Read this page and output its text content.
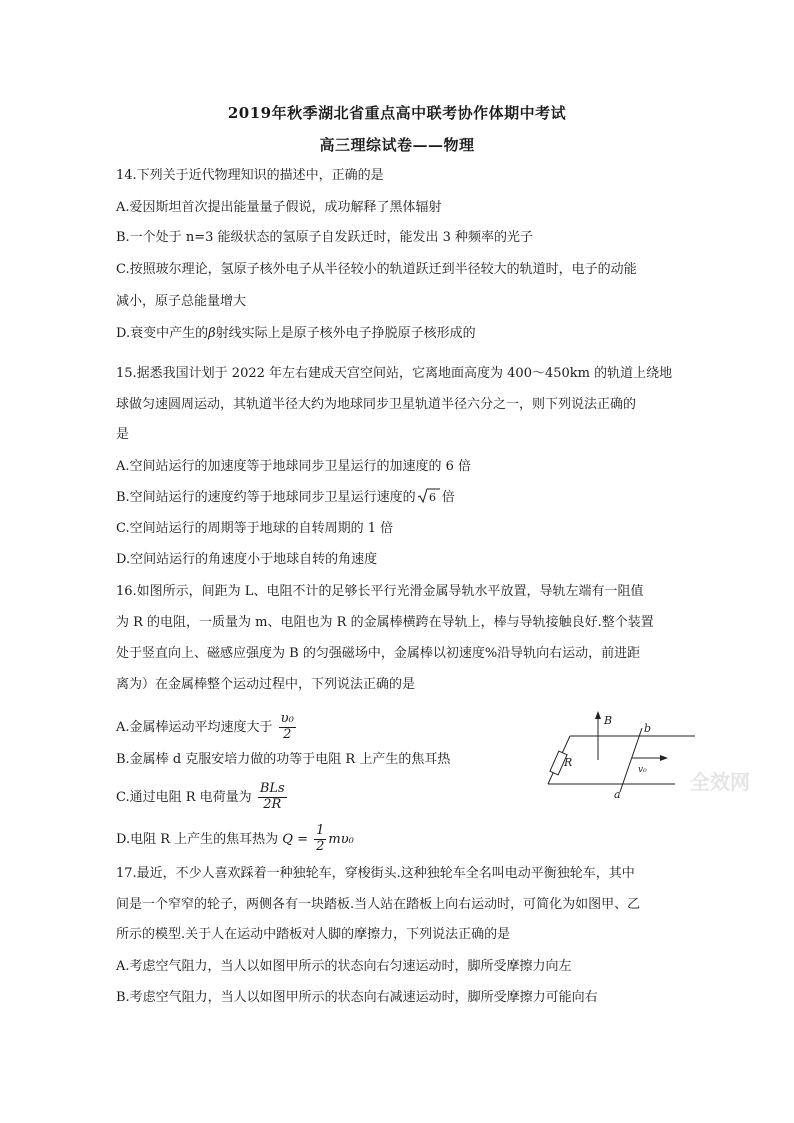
2019年秋季湖北省重点高中联考协作体期中考试
高三理综试卷——物理
14.下列关于近代物理知识的描述中，正确的是
A.爱因斯坦首次提出能量量子假说，成功解释了黑体辐射
B.一个处于 n=3 能级状态的氢原子自发跃迁时，能发出 3 种频率的光子
C.按照玻尔理论，氢原子核外电子从半径较小的轨道跃迁到半径较大的轨道时，电子的动能
减小，原子总能量增大
D.衰变中产生的β射线实际上是原子核外电子挣脱原子核形成的
15.据悉我国计划于 2022 年左右建成天宫空间站，它离地面高度为 400～450km 的轨道上绕地
球做匀速圆周运动，其轨道半径大约为地球同步卫星轨道半径六分之一，则下列说法正确的
是
A.空间站运行的加速度等于地球同步卫星运行的加速度的 6 倍
B.空间站运行的速度约等于地球同步卫星运行速度的 6 倍
C.空间站运行的周期等于地球的自转周期的 1 倍
D.空间站运行的角速度小于地球自转的角速度
16.如图所示，间距为 L、电阻不计的足够长平行光滑金属导轨水平放置，导轨左端有一阻值
为 R 的电阻，一质量为 m、电阻也为 R 的金属棒横跨在导轨上，棒与导轨接触良好.整个装置
处于竖直向上、磁感应强度为 B 的匀强磁场中，金属棒以初速度%沿导轨向右运动，前进距
离为）在金属棒整个运动过程中，下列说法正确的是
A.金属棒运动平均速度大于 $\frac{\text{υ₀}}{2}$
B.金属棒 d 克服安培力做的功等于电阻 R 上产生的焦耳热
C.通过电阻 R 电荷量为 $\frac{\text{BLs}}{2R}$
D.电阻 R 上产生的焦耳热为 $Q = \frac{1}{2} m\upsilon_0$
B
b
R
v₀
a
全效网
17.最近，不少人喜欢踩着一种独轮车，穿梭街头.这种独轮车全名叫电动平衡独轮车，其中
间是一个窄窄的轮子，两侧各有一块踏板.当人站在踏板上向右运动时，可简化为如图甲、乙
所示的模型.关于人在运动中踏板对人脚的摩擦力，下列说法正确的是
A.考虑空气阻力，当人以如图甲所示的状态向右匀速运动时，脚所受摩擦力向左
B.考虑空气阻力，当人以如图甲所示的状态向右减速运动时，脚所受摩擦力可能向右
